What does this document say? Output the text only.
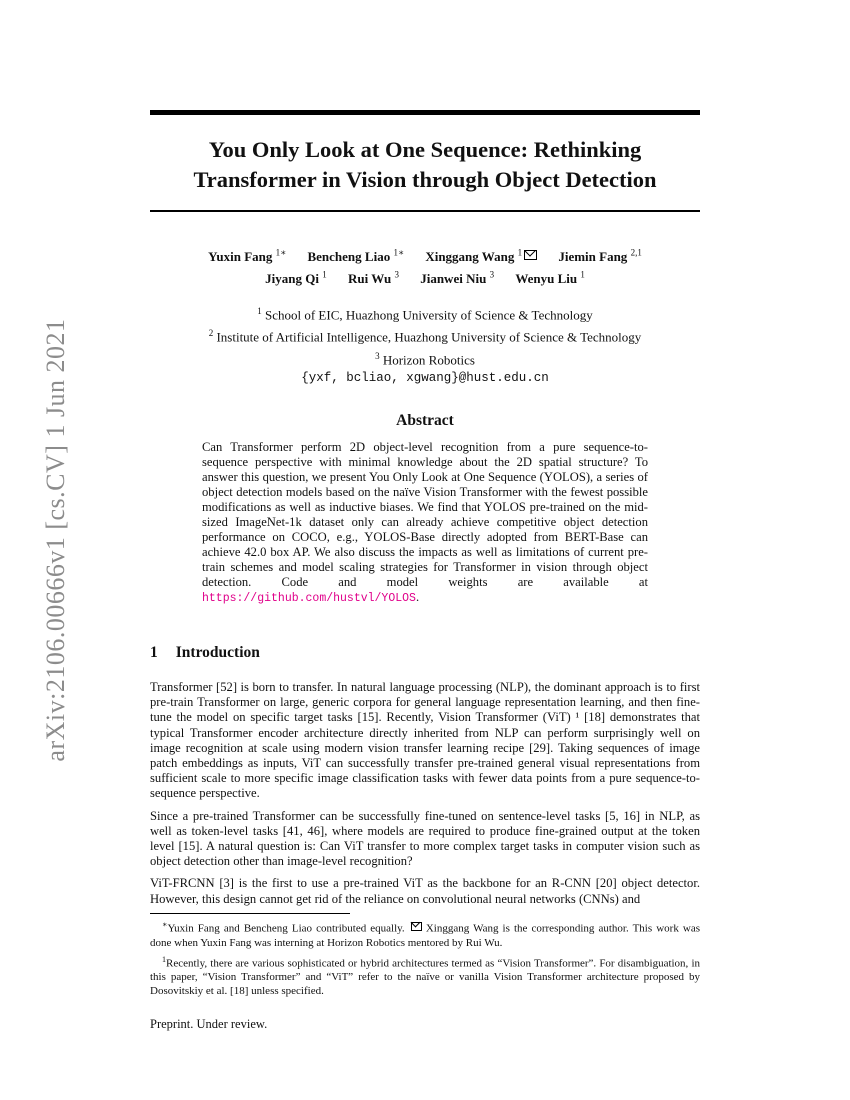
arXiv:2106.00666v1 [cs.CV] 1 Jun 2021
You Only Look at One Sequence: Rethinking
Transformer in Vision through Object Detection
Yuxin Fang $^{1∗}$ Bencheng Liao $^{1∗}$ Xinggang Wang $^1$	Jiemin Fang $^{2,1}$
Jiyang Qi $^1$ Rui Wu $^3$ Jianwei Niu $^3$ Wenyu Liu $^1$
$^1$ School of EIC, Huazhong University of Science & Technology
$^2$ Institute of Artificial Intelligence, Huazhong University of Science & Technology
$^3$ Horizon Robotics
{yxf, bcliao, xgwang}@hust.edu.cn
Abstract
Can Transformer perform 2D object-level recognition from a pure sequence-to-sequence perspective with minimal knowledge about the 2D spatial structure? To answer this question, we present You Only Look at One Sequence (YOLOS), a series of object detection models based on the naïve Vision Transformer with the fewest possible modifications as well as inductive biases. We find that YOLOS pre-trained on the mid-sized ImageNet-1k dataset only can already achieve competitive object detection performance on COCO, e.g., YOLOS-Base directly adopted from BERT-Base can achieve 42.0 box AP. We also discuss the impacts as well as limitations of current pre-train schemes and model scaling strategies for Transformer in vision through object detection. Code and model weights are available at https://github.com/hustvl/YOLOS.
1 Introduction

Transformer [52] is born to transfer. In natural language processing (NLP), the dominant approach is to first pre-train Transformer on large, generic corpora for general language representation learning, and then fine-tune the model on specific target tasks [15]. Recently, Vision Transformer (ViT) ¹ [18] demonstrates that typical Transformer encoder architecture directly inherited from NLP can perform surprisingly well on image recognition at scale using modern vision transfer learning recipe [29]. Taking sequences of image patch embeddings as inputs, ViT can successfully transfer pre-trained general visual representations from sufficient scale to more specific image classification tasks with fewer data points from a pure sequence-to-sequence perspective.

Since a pre-trained Transformer can be successfully fine-tuned on sentence-level tasks [5, 16] in NLP, as well as token-level tasks [41, 46], where models are required to produce fine-grained output at the token level [15]. A natural question is: Can ViT transfer to more complex target tasks in computer vision such as object detection other than image-level recognition?

ViT-FRCNN [3] is the first to use a pre-trained ViT as the backbone for an R-CNN [20] object detector. However, this design cannot get rid of the reliance on convolutional neural networks (CNNs) and

∗Yuxin Fang and Bencheng Liao contributed equally. Xinggang Wang is the corresponding author. This work was done when Yuxin Fang was interning at Horizon Robotics mentored by Rui Wu.

$^1$Recently, there are various sophisticated or hybrid architectures termed as “Vision Transformer”. For disambiguation, in this paper, “Vision Transformer” and “ViT” refer to the naïve or vanilla Vision Transformer architecture proposed by Dosovitskiy et al. [18] unless specified.

Preprint. Under review.
